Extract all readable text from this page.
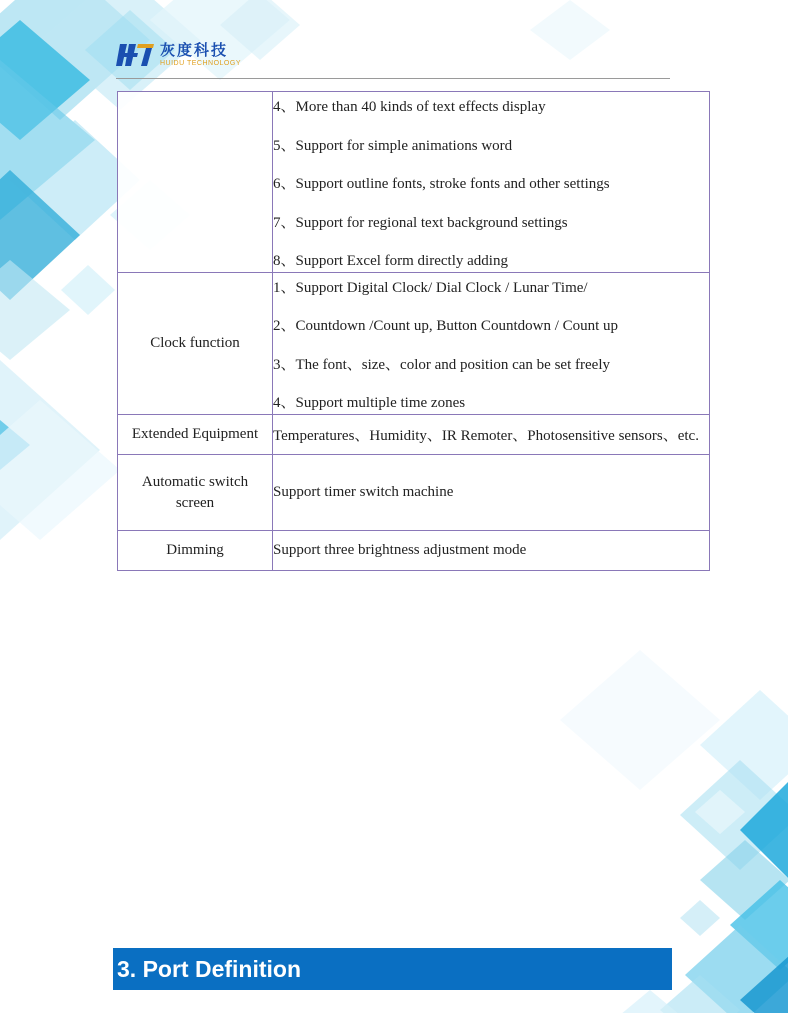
灰度科技
HUIDU TECHNOLOGY

	4、More than 40 kinds of text effects display
5、Support for simple animations word
6、Support outline fonts, stroke fonts and other settings
7、Support for regional text background settings
8、Support Excel form directly adding

Clock function	1、Support Digital Clock/ Dial Clock / Lunar Time/
2、Countdown /Count up, Button Countdown / Count up
3、The font、size、color and position can be set freely
4、Support multiple time zones

Extended Equipment	Temperatures、Humidity、IR Remoter、Photosensitive sensors、etc.

Automatic switch
screen	Support timer switch machine

Dimming	Support three brightness adjustment mode
3. Port Definition
